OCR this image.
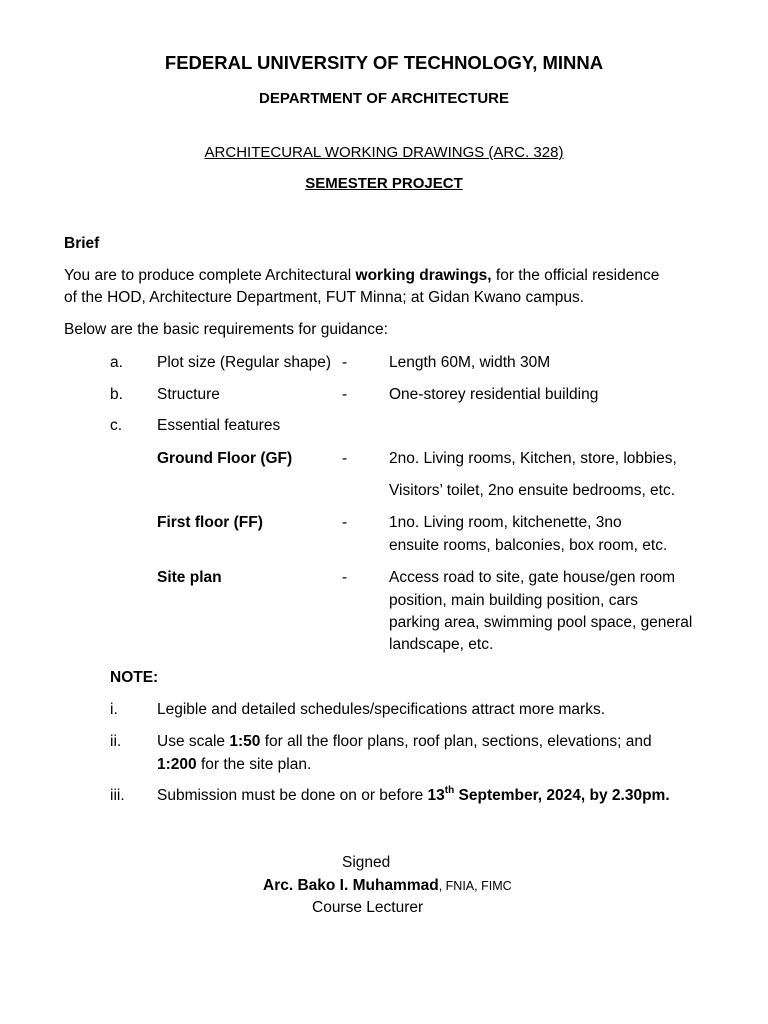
FEDERAL UNIVERSITY OF TECHNOLOGY, MINNA
DEPARTMENT OF ARCHITECTURE
ARCHITECURAL WORKING DRAWINGS (ARC. 328)
SEMESTER PROJECT
Brief
You are to produce complete Architectural working drawings, for the official residence
of the HOD, Architecture Department, FUT Minna; at Gidan Kwano campus.
Below are the basic requirements for guidance:
a. Plot size (Regular shape) -	Length 60M, width 30M
b. Structure	-	One-storey residential building
c. Essential features
Ground Floor (GF)	-	2no. Living rooms, Kitchen, store, lobbies,
Visitors’ toilet, 2no ensuite bedrooms, etc.
First floor (FF)	-	1no. Living room, kitchenette, 3no
ensuite rooms, balconies, box room, etc.
Site plan	-	Access road to site, gate house/gen room
position, main building position, cars
parking area, swimming pool space, general
landscape, etc.
NOTE:
i.	Legible and detailed schedules/specifications attract more marks.
ii. Use scale 1:50 for all the floor plans, roof plan, sections, elevations; and
1:200 for the site plan.
iii. Submission must be done on or before 13th September, 2024, by 2.30pm.
Signed
Arc. Bako I. Muhammad, FNIA, FIMC
Course Lecturer
